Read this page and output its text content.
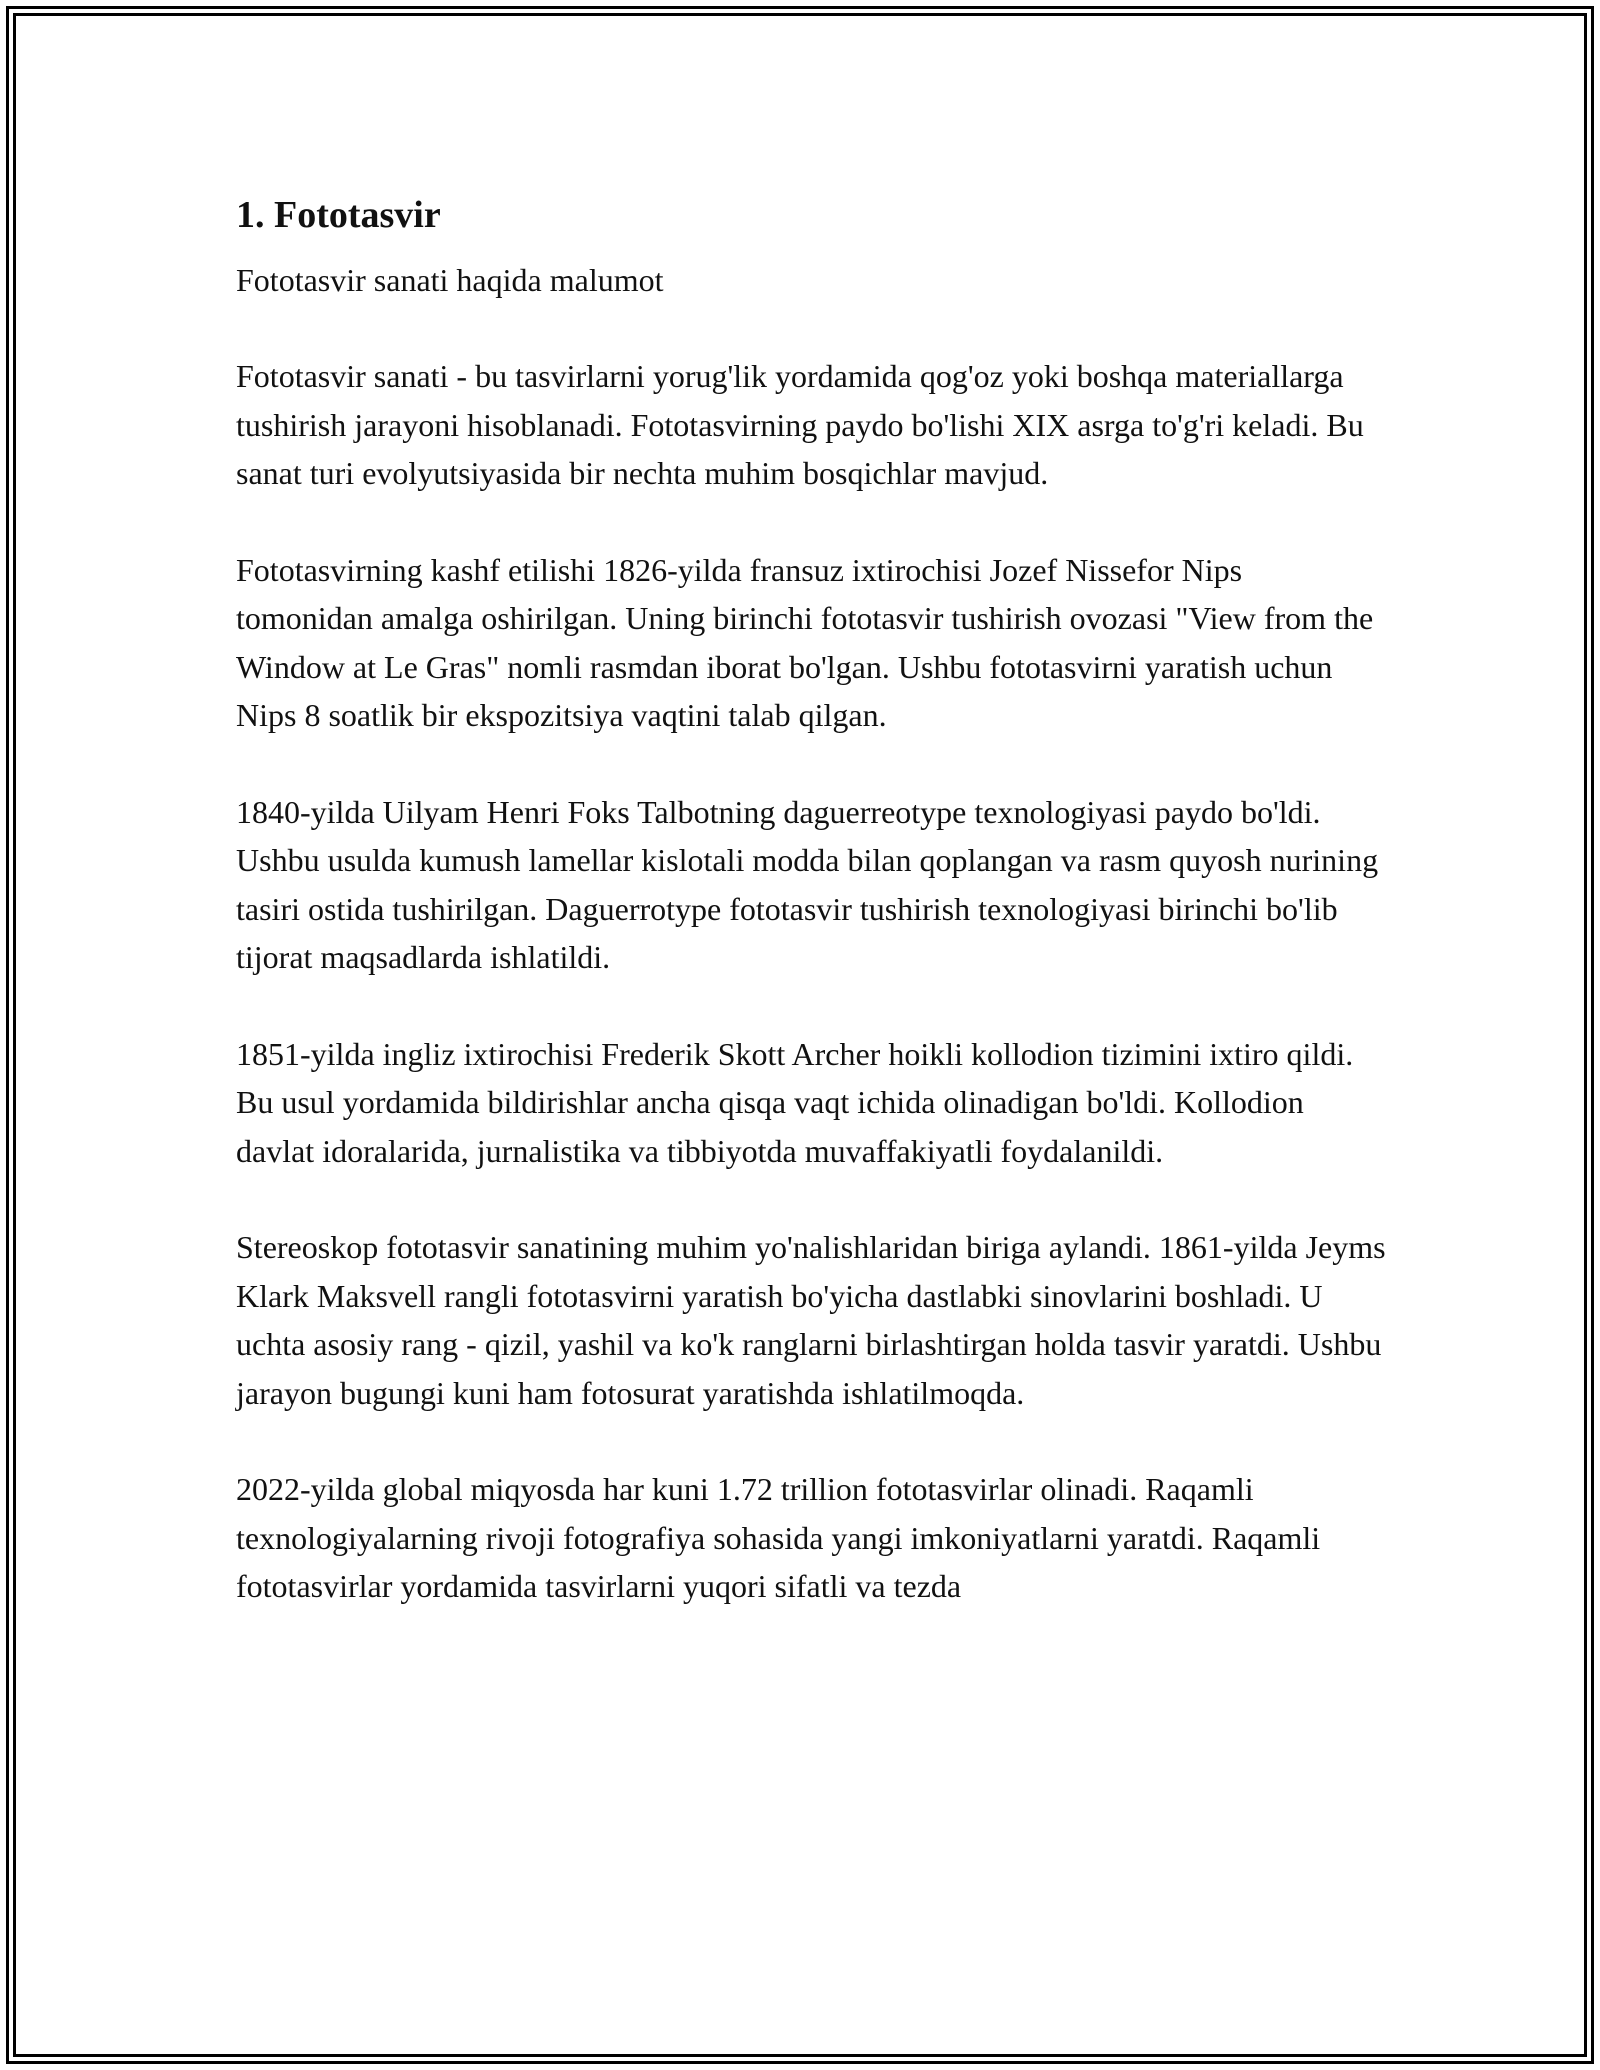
1. Fototasvir

Fototasvir sanati haqida malumot

Fototasvir sanati - bu tasvirlarni yorug'lik yordamida qog'oz yoki boshqa materiallarga tushirish jarayoni hisoblanadi. Fototasvirning paydo bo'lishi XIX asrga to'g'ri keladi. Bu sanat turi evolyutsiyasida bir nechta muhim bosqichlar mavjud.

Fototasvirning kashf etilishi 1826-yilda fransuz ixtirochisi Jozef Nissefor Nips tomonidan amalga oshirilgan. Uning birinchi fototasvir tushirish ovozasi "View from the Window at Le Gras" nomli rasmdan iborat bo'lgan. Ushbu fototasvirni yaratish uchun Nips 8 soatlik bir ekspozitsiya vaqtini talab qilgan.

1840-yilda Uilyam Henri Foks Talbotning daguerreotype texnologiyasi paydo bo'ldi. Ushbu usulda kumush lamellar kislotali modda bilan qoplangan va rasm quyosh nurining tasiri ostida tushirilgan. Daguerrotype fototasvir tushirish texnologiyasi birinchi bo'lib tijorat maqsadlarda ishlatildi.

1851-yilda ingliz ixtirochisi Frederik Skott Archer hoikli kollodion tizimini ixtiro qildi. Bu usul yordamida bildirishlar ancha qisqa vaqt ichida olinadigan bo'ldi. Kollodion davlat idoralarida, jurnalistika va tibbiyotda muvaffakiyatli foydalanildi.

Stereoskop fototasvir sanatining muhim yo'nalishlaridan biriga aylandi. 1861-yilda Jeyms Klark Maksvell rangli fototasvirni yaratish bo'yicha dastlabki sinovlarini boshladi. U uchta asosiy rang - qizil, yashil va ko'k ranglarni birlashtirgan holda tasvir yaratdi. Ushbu jarayon bugungi kuni ham fotosurat yaratishda ishlatilmoqda.

2022-yilda global miqyosda har kuni 1.72 trillion fototasvirlar olinadi. Raqamli texnologiyalarning rivoji fotografiya sohasida yangi imkoniyatlarni yaratdi. Raqamli fototasvirlar yordamida tasvirlarni yuqori sifatli va tezda
